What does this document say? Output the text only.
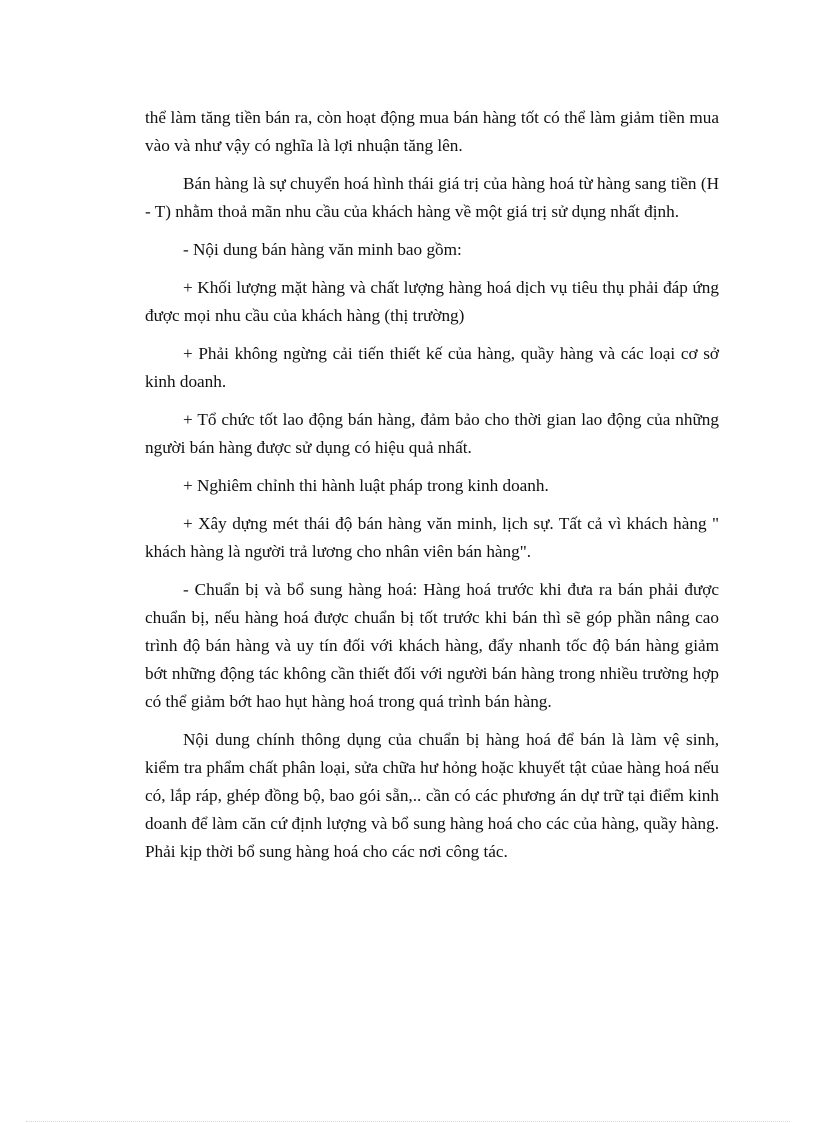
thể làm tăng tiền bán ra, còn hoạt động mua bán hàng tốt có thể làm giảm tiền mua vào và như vậy có nghĩa là lợi nhuận tăng lên.

Bán hàng là sự chuyển hoá hình thái giá trị của hàng hoá từ hàng sang tiền (H - T) nhằm thoả mãn nhu cầu của khách hàng về một giá trị sử dụng nhất định.

- Nội dung bán hàng văn minh bao gồm:

+ Khối lượng mặt hàng và chất lượng hàng hoá dịch vụ tiêu thụ phải đáp ứng được mọi nhu cầu của khách hàng (thị trường)

+ Phải không ngừng cải tiến thiết kế của hàng, quầy hàng và các loại cơ sở kinh doanh.

+ Tổ chức tốt lao động bán hàng, đảm bảo cho thời gian lao động của những người bán hàng được sử dụng có hiệu quả nhất.

+ Nghiêm chỉnh thi hành luật pháp trong kinh doanh.

+ Xây dựng mét thái độ bán hàng văn minh, lịch sự. Tất cả vì khách hàng " khách hàng là người trả lương cho nhân viên bán hàng".

- Chuẩn bị và bổ sung hàng hoá: Hàng hoá trước khi đưa ra bán phải được chuẩn bị, nếu hàng hoá được chuẩn bị tốt trước khi bán thì sẽ góp phần nâng cao trình độ bán hàng và uy tín đối với khách hàng, đẩy nhanh tốc độ bán hàng giảm bớt những động tác không cần thiết đối với người bán hàng trong nhiều trường hợp có thể giảm bớt hao hụt hàng hoá trong quá trình bán hàng.

Nội dung chính thông dụng của chuẩn bị hàng hoá để bán là làm vệ sinh, kiểm tra phẩm chất phân loại, sửa chữa hư hỏng hoặc khuyết tật củae hàng hoá nếu có, lắp ráp, ghép đồng bộ, bao gói sẵn,.. cần có các phương án dự trữ tại điểm kinh doanh để làm căn cứ định lượng và bổ sung hàng hoá cho các của hàng, quầy hàng. Phải kịp thời bổ sung hàng hoá cho các nơi công tác.
